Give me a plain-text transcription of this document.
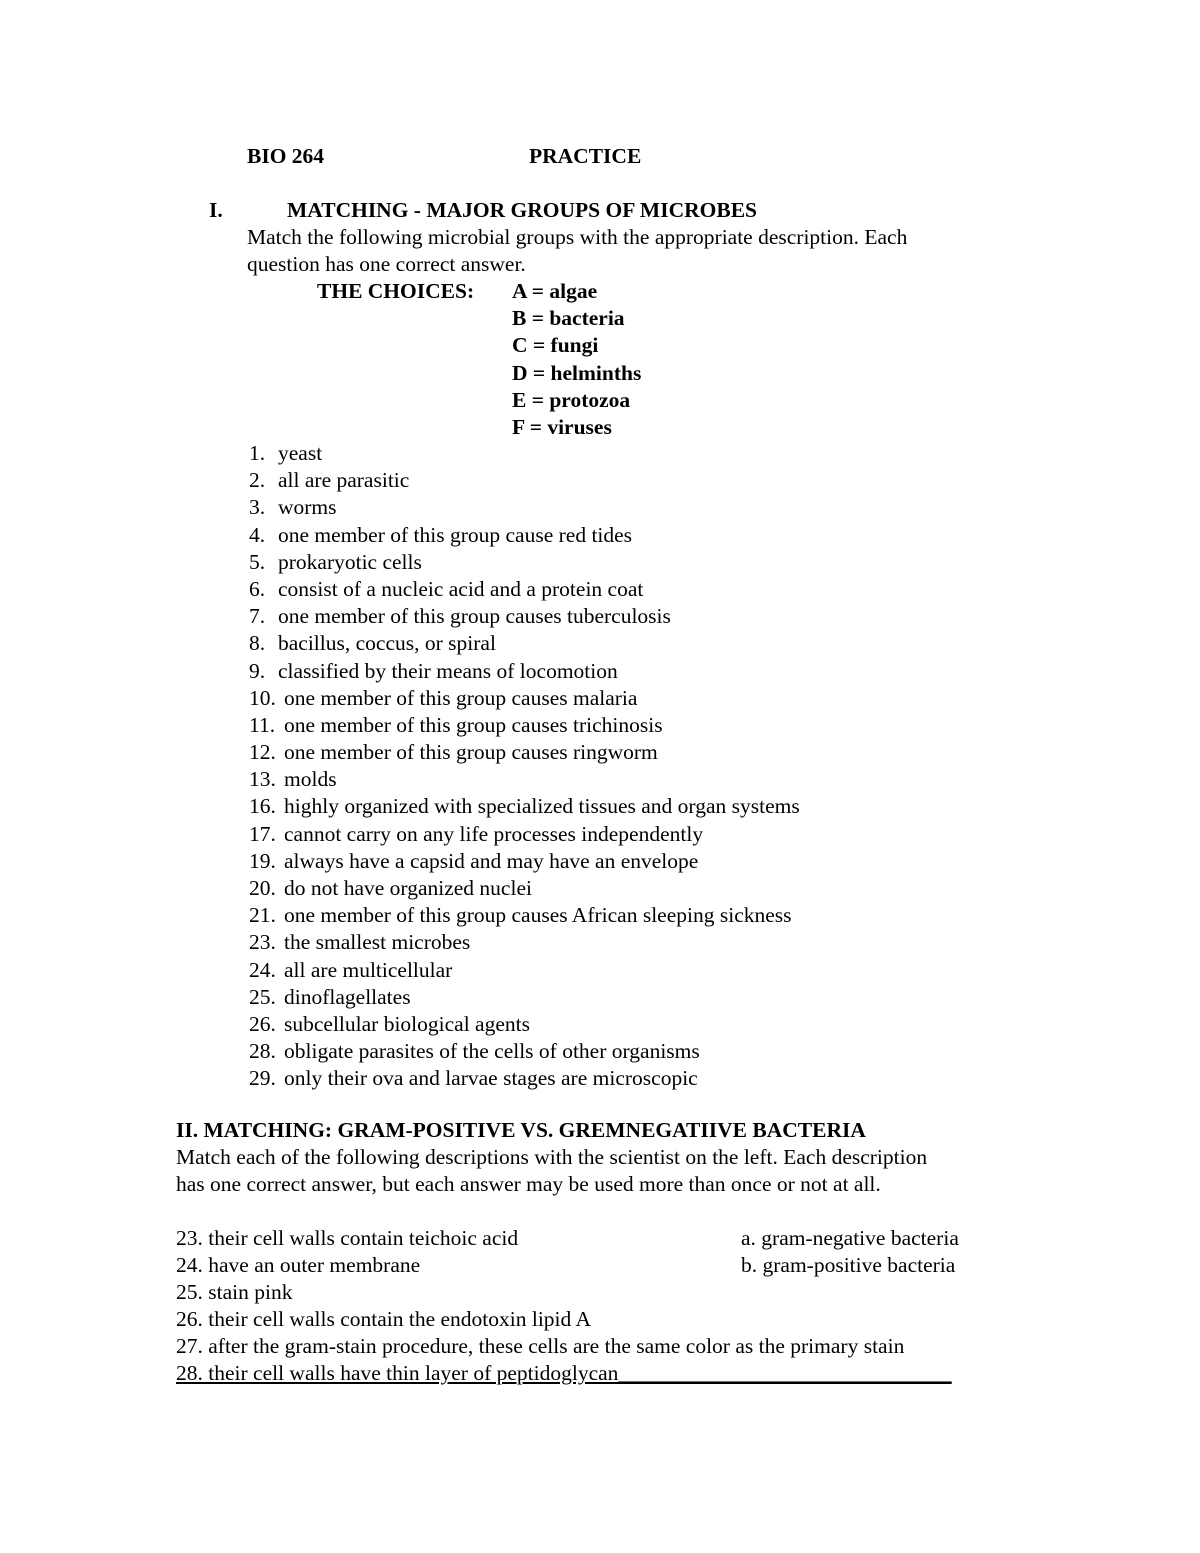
BIO 264	PRACTICE
I.	MATCHING - MAJOR GROUPS OF MICROBES
Match the following microbial groups with the appropriate description. Each
question has one correct answer.
THE CHOICES: A = algae
B = bacteria
C = fungi
D = helminths
E = protozoa
F = viruses
1. yeast
2. all are parasitic
3. worms
4. one member of this group cause red tides
5. prokaryotic cells
6. consist of a nucleic acid and a protein coat
7. one member of this group causes tuberculosis
8. bacillus, coccus, or spiral
9. classified by their means of locomotion
10. one member of this group causes malaria
11. one member of this group causes trichinosis
12. one member of this group causes ringworm
13. molds
16. highly organized with specialized tissues and organ systems
17. cannot carry on any life processes independently
19. always have a capsid and may have an envelope
20. do not have organized nuclei
21. one member of this group causes African sleeping sickness
23. the smallest microbes
24. all are multicellular
25. dinoflagellates
26. subcellular biological agents
28. obligate parasites of the cells of other organisms
29. only their ova and larvae stages are microscopic
II. MATCHING: GRAM-POSITIVE VS. GREMNEGATIIVE BACTERIA
Match each of the following descriptions with the scientist on the left. Each description
has one correct answer, but each answer may be used more than once or not at all.
23. their cell walls contain teichoic acid
24. have an outer membrane
25. stain pink
26. their cell walls contain the endotoxin lipid A
27. after the gram-stain procedure, these cells are the same color as the primary stain
28. their cell walls have thin layer of peptidoglycan_______________________________
a. gram-negative bacteria
b. gram-positive bacteria
